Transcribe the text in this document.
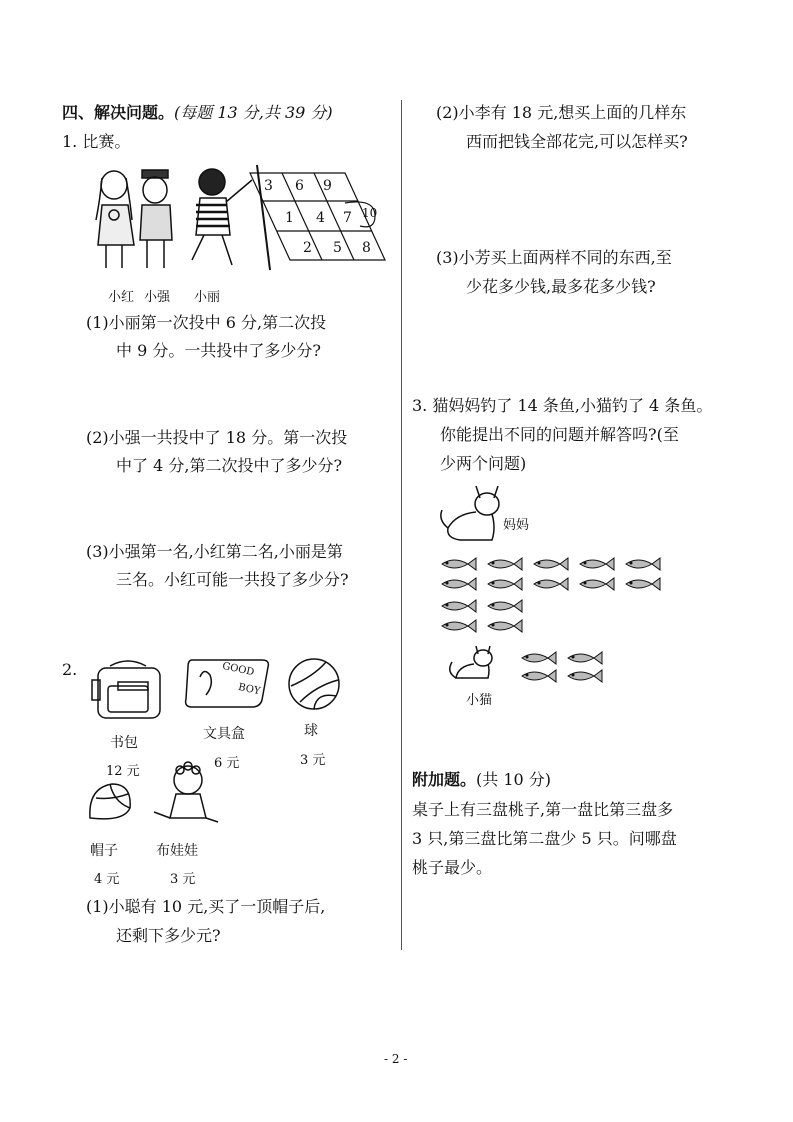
四、解决问题。(每题 13 分,共 39 分)
1. 比赛。
3 6 9
1 4 7 10
2 5 8
小红 小强 小丽
(1)小丽第一次投中 6 分,第二次投
中 9 分。一共投中了多少分?
(2)小强一共投中了 18 分。第一次投
中了 4 分,第二次投中了多少分?
(3)小强第一名,小红第二名,小丽是第
三名。小红可能一共投了多少分?
2.	GOOD
BOY
书包
12 元
文具盒
6 元
球
3 元
帽子
4 元
布娃娃
3 元
(1)小聪有 10 元,买了一顶帽子后,
还剩下多少元?
(2)小李有 18 元,想买上面的几样东
西而把钱全部花完,可以怎样买?
(3)小芳买上面两样不同的东西,至
少花多少钱,最多花多少钱?
3. 猫妈妈钓了 14 条鱼,小猫钓了 4 条鱼。
你能提出不同的问题并解答吗?(至
少两个问题)
妈妈
小猫
附加题。(共 10 分)
桌子上有三盘桃子,第一盘比第三盘多
3 只,第三盘比第二盘少 5 只。问哪盘
桃子最少。
- 2 -
